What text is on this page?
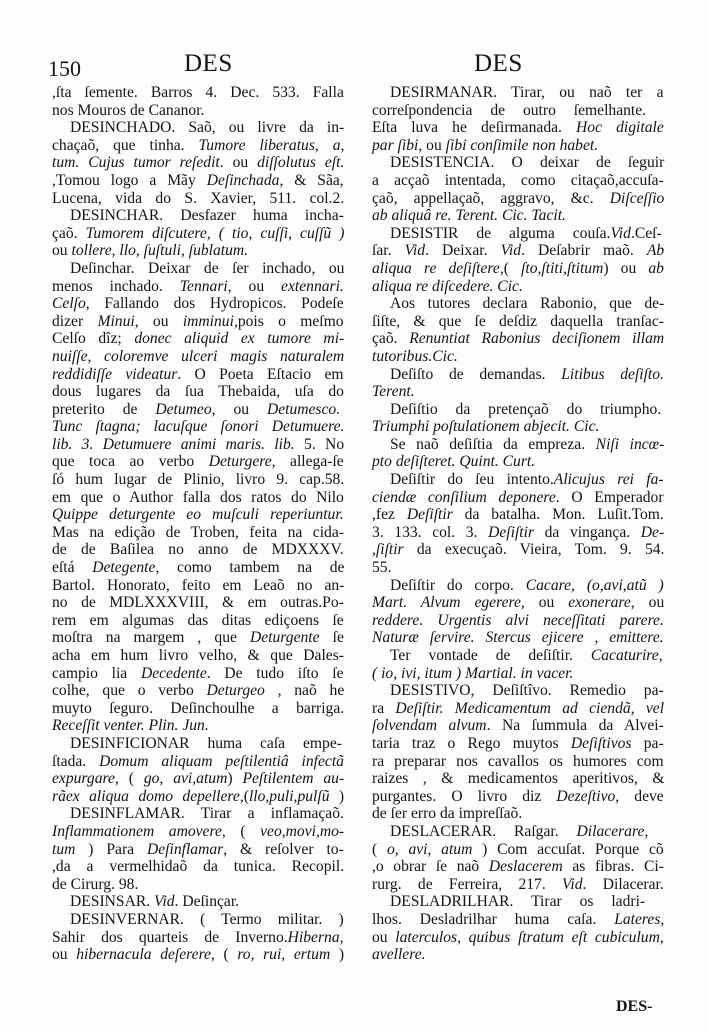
150	DES	DES
,ſta ſemente. Barros 4. Dec. 533. Falla
nos Mouros de Cananor.
DESINCHADO. Saõ, ou livre da in-
chaçaõ, que tinha. Tumore liberatus, a,
tum. Cujus tumor reſedit. ou diſſolutus eſt.
,Tomou logo a Mãy Deſinchada, & Sãa,
Lucena, vida do S. Xavier, 511. col.2.
DESINCHAR. Desfazer huma incha-
çaõ. Tumorem diſcutere, ( tio, cuſſi, cuſſũ )
ou tollere, llo, ſuſtuli, ſublatum.
Deſinchar. Deixar de ſer inchado, ou
menos inchado. Tennari, ou extennari.
Celſo, Fallando dos Hydropicos. Podeſe
dizer Minui, ou imminui,pois o meſmo
Celſo dîz; donec aliquid ex tumore mi-
nuiſſe, coloremve ulceri magis naturalem
reddidiſſe videatur. O Poeta Eſtacio em
dous lugares da ſua Thebaida, uſa do
preterito de Detumeo, ou Detumesco.
Tunc ſtagna; lacuſque ſonori Detumuere.
lib. 3. Detumuere animi maris. lib. 5. No
que toca ao verbo Deturgere, allega-ſe
ſó hum lugar de Plinio, livro 9. cap.58.
em que o Author falla dos ratos do Nilo
Quippe deturgente eo muſculi reperiuntur.
Mas na edição de Troben, feita na cida-
de de Baſilea no anno de MDXXXV.
eſtá Detegente, como tambem na de
Bartol. Honorato, feito em Leaõ no an-
no de MDLXXXVIII, & em outras.Po-
rem em algumas das ditas ediçoens ſe
moſtra na margem , que Deturgente ſe
acha em hum livro velho, & que Dales-
campio lia Decedente. De tudo iſto ſe
colhe, que o verbo Deturgeo , naõ he
muyto ſeguro. Deſinchoulhe a barriga.
Receſſit venter. Plin. Jun.
DESINFICIONAR huma caſa empe-
ſtada. Domum aliquam peſtilentiâ infectã
expurgare, ( go, avi,atum) Peſtilentem au-
rãex aliqua domo depellere,(llo,puli,pulſũ )
DESINFLAMAR. Tirar a inflamaçaõ.
Inflammationem amovere, ( veo,movi,mo-
tum ) Para Deſinflamar, & reſolver to-
,da a vermelhidaõ da tunica. Recopil.
de Cirurg. 98.
DESINSAR. Vid. Deſinçar.
DESINVERNAR. ( Termo militar. )
Sahir dos quarteis de Inverno.Hiberna,
ou hibernacula deſerere, ( ro, rui, ertum )
DESIRMANAR. Tirar, ou naõ ter a
correſpondencia de outro ſemelhante.
Eſta luva he deſirmanada. Hoc digitale
par ſibi, ou ſibi conſimile non habet.
DESISTENCIA. O deixar de ſeguir
a acçaõ intentada, como citaçaõ,accuſa-
çaõ, appellaçaõ, aggravo, &c. Diſceſſio
ab aliquâ re. Terent. Cic. Tacit.
DESISTIR de alguma couſa.Vid.Ceſ-
ſar. Vid. Deixar. Vid. Deſabrir maõ. Ab
aliqua re deſiſtere,( ſto,ſtiti,ſtitum) ou ab
aliqua re diſcedere. Cic.
Aos tutores declara Rabonio, que de-
ſiſte, & que ſe deſdiz daquella tranſac-
çaõ. Renuntiat Rabonius deciſionem illam
tutoribus.Cic.
Deſiſto de demandas. Litibus deſiſto.
Terent.
Deſiſtio da pretençaõ do triumpho.
Triumphi poſtulationem abjecit. Cic.
Se naõ deſiſtia da empreza. Niſi incœ-
pto deſiſteret. Quint. Curt.
Deſiſtir do ſeu intento.Alicujus rei fa-
ciendæ conſilium deponere. O Emperador
,fez Deſiſtir da batalha. Mon. Luſit.Tom.
3. 133. col. 3. Deſiſtir da vingança. De-
,ſiſtir da execuçaõ. Vieira, Tom. 9. 54.
55.
Deſiſtir do corpo. Cacare, (o,avi,atũ )
Mart. Alvum egerere, ou exonerare, ou
reddere. Urgentis alvi neceſſitati parere.
Naturæ ſervire. Stercus ejicere , emittere.
Ter vontade de deſiſtir. Cacaturire,
( io, ivi, itum ) Martial. in vacer.
DESISTIVO, Deſiſtîvo. Remedio pa-
ra Deſiſtir. Medicamentum ad ciendã, vel
ſolvendam alvum. Na ſummula da Alvei-
taria traz o Rego muytos Deſiſtivos pa-
ra preparar nos cavallos os humores com
raizes , & medicamentos aperitivos, &
purgantes. O livro diz Dezeſtivo, deve
de ſer erro da impreſſaõ.
DESLACERAR. Raſgar. Dilacerare,
( o, avi, atum ) Com accuſat. Porque cõ
,o obrar ſe naõ Deslacerem as fibras. Ci-
rurg. de Ferreira, 217. Vid. Dilacerar.
DESLADRILHAR. Tirar os ladri-
lhos. Desladrilhar huma caſa. Lateres,
ou laterculos, quibus ſtratum eſt cubiculum,
avellere.
DES-
